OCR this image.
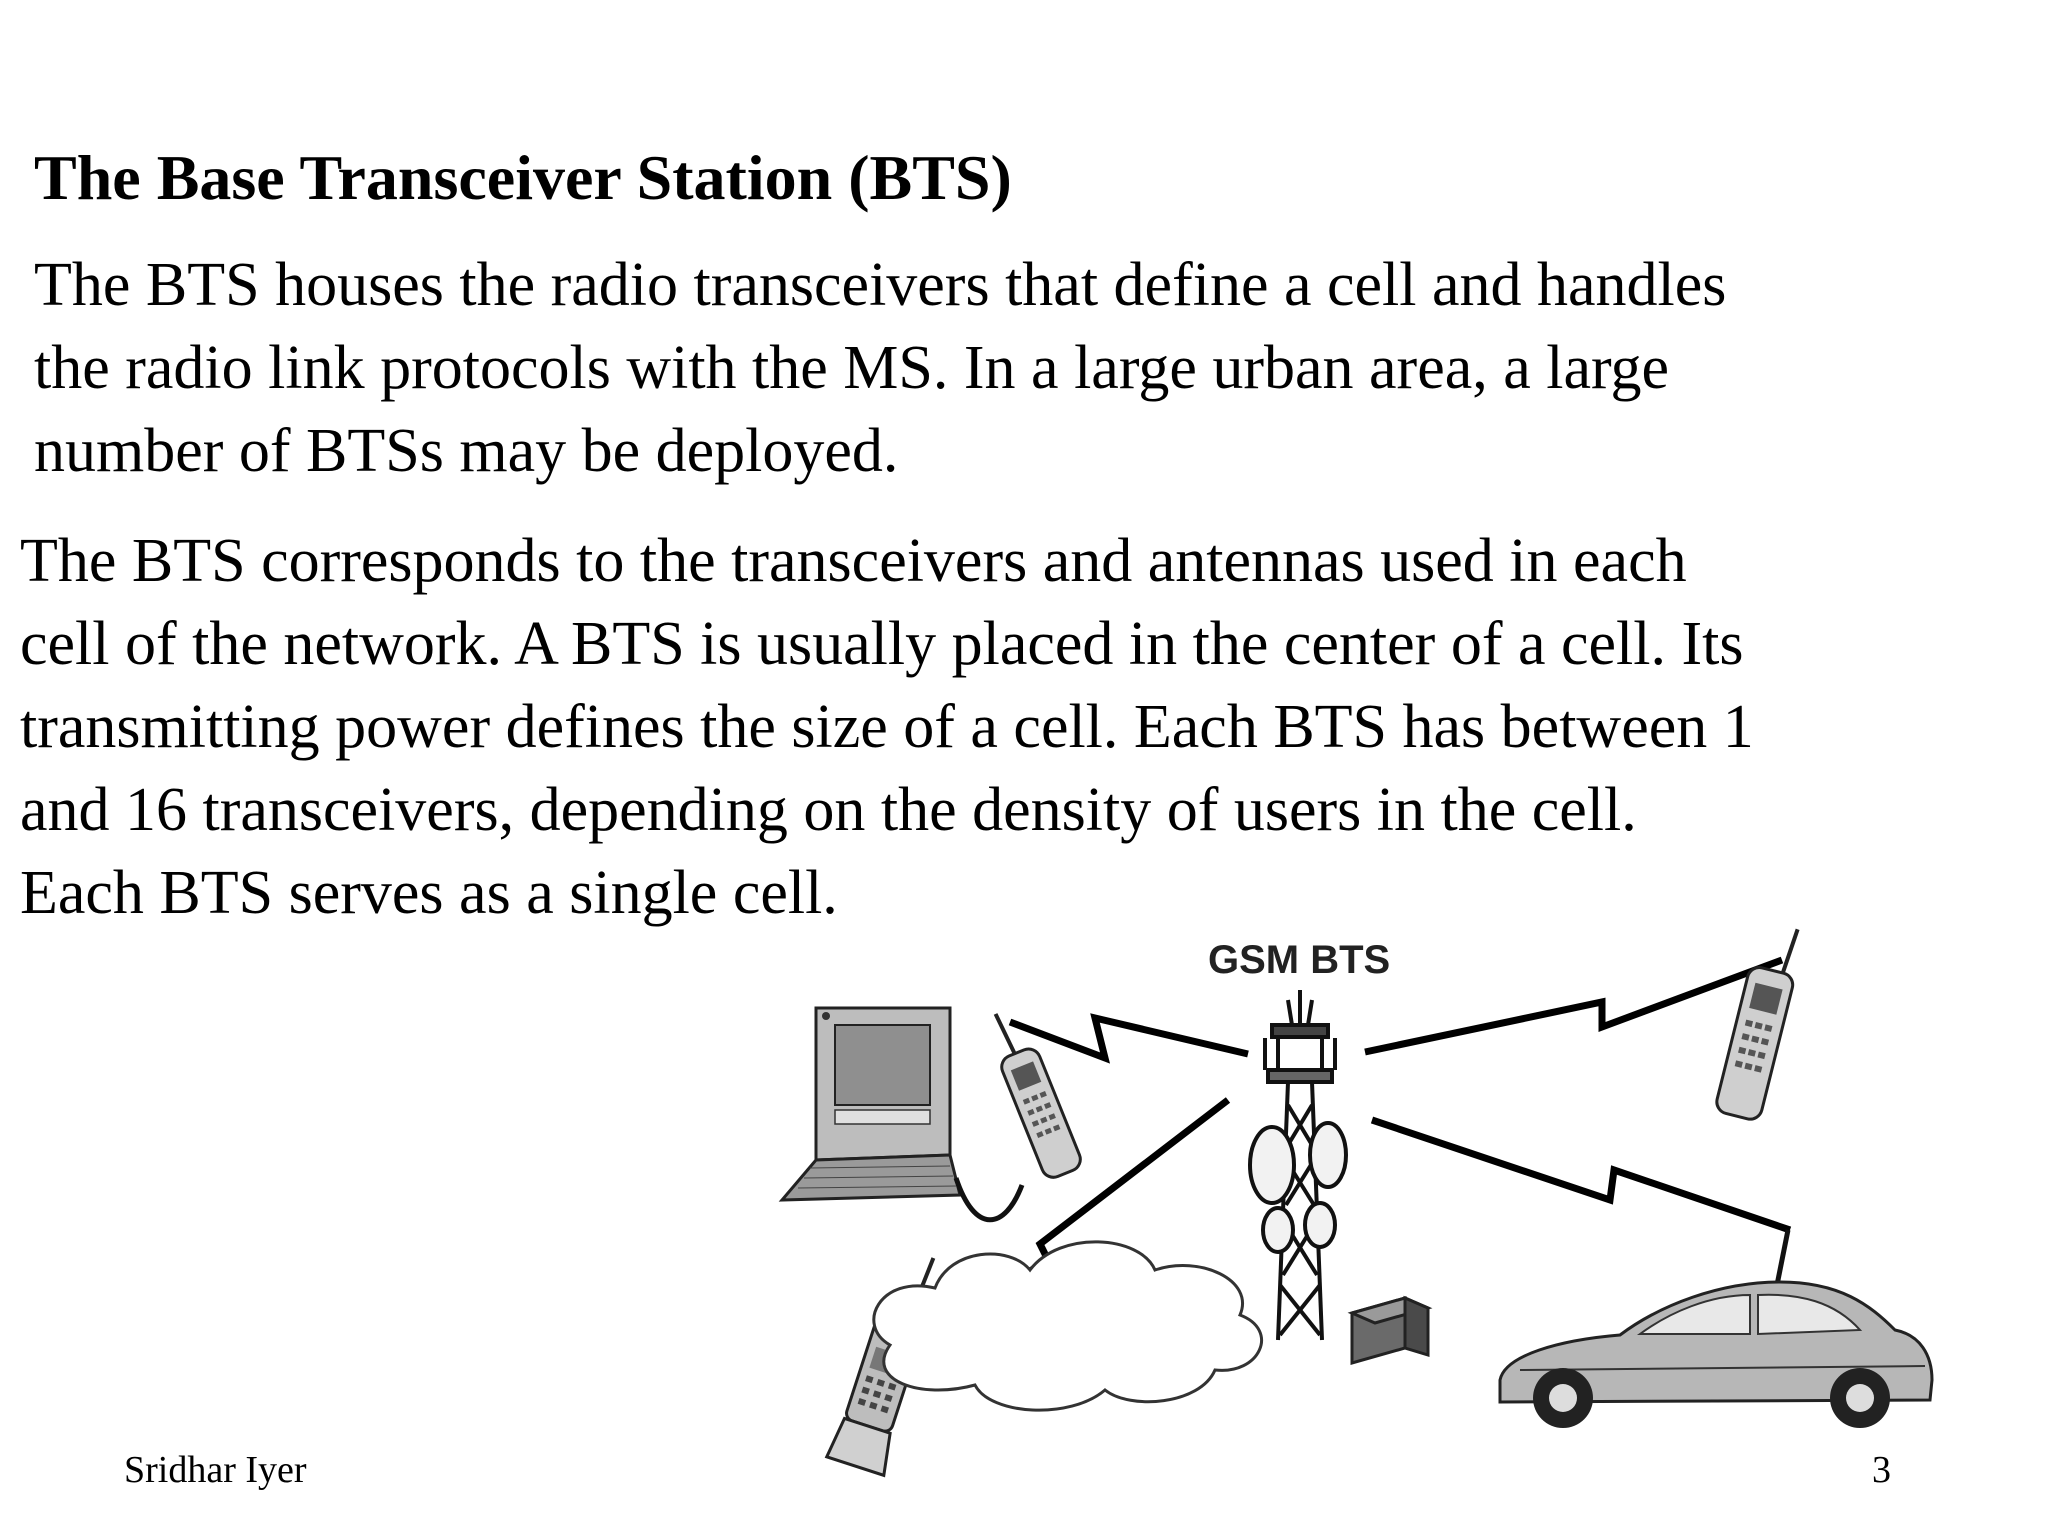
The Base Transceiver Station (BTS)
The BTS houses the radio transceivers that define a cell and handles
the radio link protocols with the MS. In a large urban area, a large
number of BTSs may be deployed.
The BTS corresponds to the transceivers and antennas used in each
cell of the network. A BTS is usually placed in the center of a cell. Its
transmitting power defines the size of a cell. Each BTS has between 1
and 16 transceivers, depending on the density of users in the cell.
Each BTS serves as a single cell.
GSM BTS
Sridhar Iyer	3
